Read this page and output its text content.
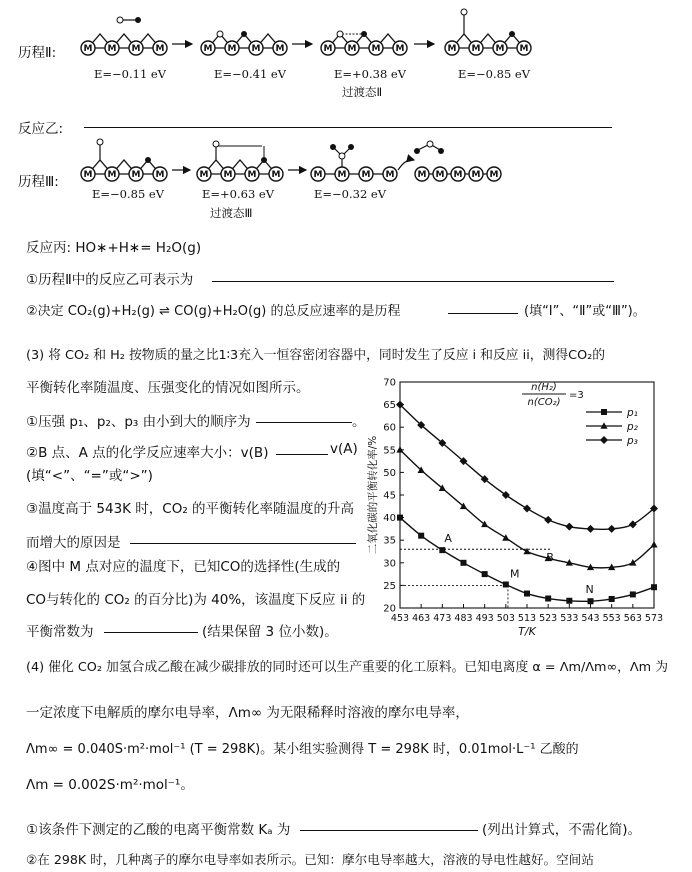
历程Ⅱ:
M
E=−0.11 eV	E=−0.41 eV	E=+0.38 eV	E=−0.85 eV
过渡态Ⅱ
反应乙:
历程Ⅲ:
E=−0.85 eV	E=+0.63 eV	E=−0.32 eV
过渡态Ⅲ
反应丙: HO∗+H∗= H₂O(g)
①历程Ⅱ中的反应乙可表示为
②决定 CO₂(g)+H₂(g) ⇌ CO(g)+H₂O(g) 的总反应速率的是历程	(填“Ⅰ”、“Ⅱ”或“Ⅲ”)。
(3) 将 CO₂ 和 H₂ 按物质的量之比1∶3充入一恒容密闭容器中，同时发生了反应 i 和反应 ii，测得CO₂的
平衡转化率随温度、压强变化的情况如图所示。
①压强 p₁、p₂、p₃ 由小到大的顺序为	。
②B 点、A 点的化学反应速率大小：v(B)	v(A)
(填“<”、“=”或“>”)
③温度高于 543K 时，CO₂ 的平衡转化率随温度的升高
而增大的原因是
④图中 M 点对应的温度下，已知CO的选择性(生成的
CO与转化的 CO₂ 的百分比)为 40%，该温度下反应 ii 的
平衡常数为	(结果保留 3 位小数)。
453 463 473 483 493 503 513 523 533 543 553 563 573
20
25
30
35
40
45
50
55
60
65
70
T/K
二氧化碳的平衡转化率/%	A
B
M
N
n(H₂)
n(CO₂)
=3
p₁
p₂
p₃
(4) 催化 CO₂ 加氢合成乙酸在减少碳排放的同时还可以生产重要的化工原料。已知电离度 α = Λm/Λm∞，Λm 为
一定浓度下电解质的摩尔电导率，Λm∞ 为无限稀释时溶液的摩尔电导率，
Λm∞ = 0.040S·m²·mol⁻¹ (T = 298K)。某小组实验测得 T = 298K 时，0.01mol·L⁻¹ 乙酸的
Λm = 0.002S·m²·mol⁻¹。
①该条件下测定的乙酸的电离平衡常数 Kₐ 为	(列出计算式，不需化简)。
②在 298K 时，几种离子的摩尔电导率如表所示。已知：摩尔电导率越大，溶液的导电性越好。空间站
